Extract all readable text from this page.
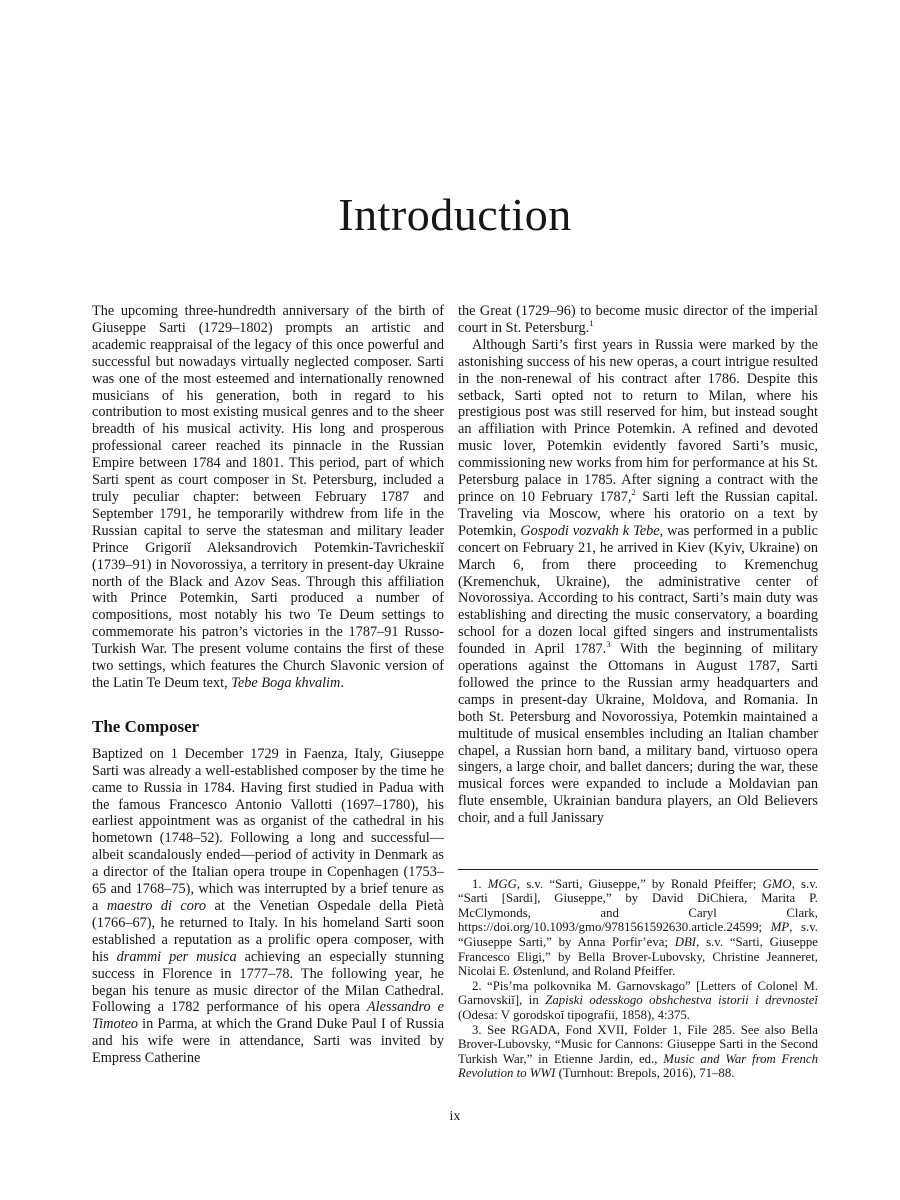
Introduction

The upcoming three-hundredth anniversary of the birth of Giuseppe Sarti (1729–1802) prompts an artistic and academic reappraisal of the legacy of this once powerful and successful but nowadays virtually neglected composer. Sarti was one of the most esteemed and internationally renowned musicians of his generation, both in regard to his contribution to most existing musical genres and to the sheer breadth of his musical activity. His long and prosperous professional career reached its pinnacle in the Russian Empire between 1784 and 1801. This period, part of which Sarti spent as court composer in St. Petersburg, included a truly peculiar chapter: between February 1787 and September 1791, he temporarily withdrew from life in the Russian capital to serve the statesman and military leader Prince Grigoriĭ Aleksandrovich Potemkin-Tavricheskiĭ (1739–91) in Novorossiya, a territory in present-day Ukraine north of the Black and Azov Seas. Through this affiliation with Prince Potemkin, Sarti produced a number of compositions, most notably his two Te Deum settings to commemorate his patron’s victories in the 1787–91 Russo-Turkish War. The present volume contains the first of these two settings, which features the Church Slavonic version of the Latin Te Deum text, Tebe Boga khvalim.

The Composer

Baptized on 1 December 1729 in Faenza, Italy, Giuseppe Sarti was already a well-established composer by the time he came to Russia in 1784. Having first studied in Padua with the famous Francesco Antonio Vallotti (1697–1780), his earliest appointment was as organist of the cathedral in his hometown (1748–52). Following a long and successful—albeit scandalously ended—period of activity in Denmark as a director of the Italian opera troupe in Copenhagen (1753–65 and 1768–75), which was interrupted by a brief tenure as a maestro di coro at the Venetian Ospedale della Pietà (1766–67), he returned to Italy. In his homeland Sarti soon established a reputation as a prolific opera composer, with his drammi per musica achieving an especially stunning success in Florence in 1777–78. The following year, he began his tenure as music director of the Milan Cathedral. Following a 1782 performance of his opera Alessandro e Timoteo in Parma, at which the Grand Duke Paul I of Russia and his wife were in attendance, Sarti was invited by Empress Catherine

the Great (1729–96) to become music director of the imperial court in St. Petersburg.$^1$

Although Sarti’s first years in Russia were marked by the astonishing success of his new operas, a court intrigue resulted in the non-renewal of his contract after 1786. Despite this setback, Sarti opted not to return to Milan, where his prestigious post was still reserved for him, but instead sought an affiliation with Prince Potemkin. A refined and devoted music lover, Potemkin evidently favored Sarti’s music, commissioning new works from him for performance at his St. Petersburg palace in 1785. After signing a contract with the prince on 10 February 1787,$^2$ Sarti left the Russian capital. Traveling via Moscow, where his oratorio on a text by Potemkin, Gospodi vozvakh k Tebe, was performed in a public concert on February 21, he arrived in Kiev (Kyiv, Ukraine) on March 6, from there proceeding to Kremenchug (Kremenchuk, Ukraine), the administrative center of Novorossiya. According to his contract, Sarti’s main duty was establishing and directing the music conservatory, a boarding school for a dozen local gifted singers and instrumentalists founded in April 1787.$^3$ With the beginning of military operations against the Ottomans in August 1787, Sarti followed the prince to the Russian army headquarters and camps in present-day Ukraine, Moldova, and Romania. In both St. Petersburg and Novorossiya, Potemkin maintained a multitude of musical ensembles including an Italian chamber chapel, a Russian horn band, a military band, virtuoso opera singers, a large choir, and ballet dancers; during the war, these musical forces were expanded to include a Moldavian pan flute ensemble, Ukrainian bandura players, an Old Believers choir, and a full Janissary

1. MGG, s.v. “Sarti, Giuseppe,” by Ronald Pfeiffer; GMO, s.v. “Sarti [Sardi], Giuseppe,” by David DiChiera, Marita P. McClymonds, and Caryl Clark, https://doi.org/10.1093/gmo/9781561592630.article.24599; MP, s.v. “Giuseppe Sarti,” by Anna Porfir’eva; DBI, s.v. “Sarti, Giuseppe Francesco Eligi,” by Bella Brover-Lubovsky, Christine Jeanneret, Nicolai E. Østenlund, and Roland Pfeiffer.

2. “Pis’ma polkovnika M. Garnovskago” [Letters of Colonel M. Garnovskiĭ], in Zapiski odesskogo obshchestva istorii i drevnosteĭ (Odesa: V gorodskoĭ tipografii, 1858), 4:375.

3. See RGADA, Fond XVII, Folder 1, File 285. See also Bella Brover-Lubovsky, “Music for Cannons: Giuseppe Sarti in the Second Turkish War,” in Etienne Jardin, ed., Music and War from French Revolution to WWI (Turnhout: Brepols, 2016), 71–88.

ix
